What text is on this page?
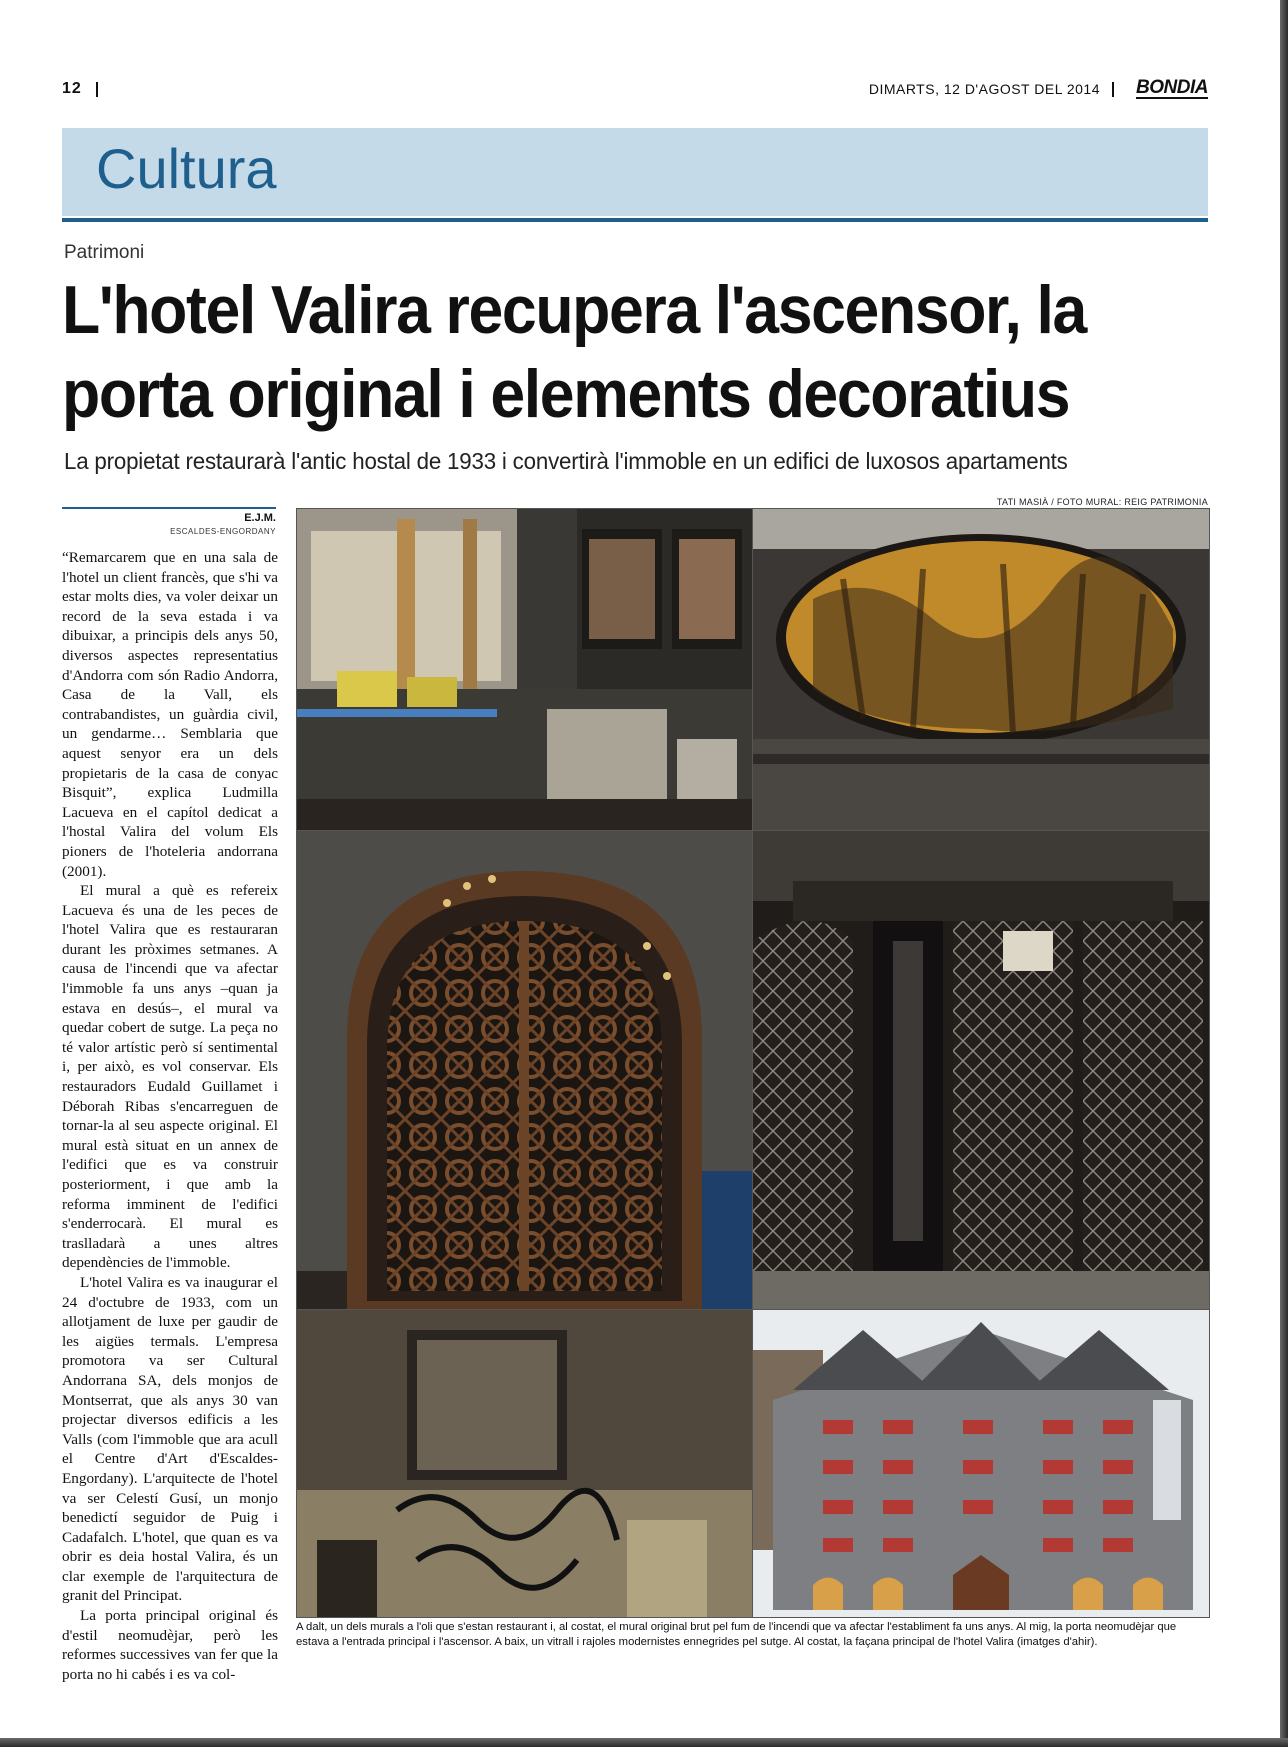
12	DIMARTS, 12 D'AGOST DEL 2014 BONDIA
Cultura
Patrimoni
L'hotel Valira recupera l'ascensor, la porta original i elements decoratius
La propietat restaurarà l'antic hostal de 1933 i convertirà l'immoble en un edifici de luxosos apartaments
E.J.M.
ESCALDES-ENGORDANY

“Remarcarem que en una sala de l'hotel un client francès, que s'hi va estar molts dies, va voler deixar un record de la seva estada i va dibuixar, a principis dels anys 50, diversos aspectes representatius d'Andorra com són Radio Andorra, Casa de la Vall, els contrabandistes, un guàrdia civil, un gendarme… Semblaria que aquest senyor era un dels propietaris de la casa de conyac Bisquit”, explica Ludmilla Lacueva en el capítol dedicat a l'hostal Valira del volum Els pioners de l'hoteleria andorrana (2001).

El mural a què es refereix Lacueva és una de les peces de l'hotel Valira que es restauraran durant les pròximes setmanes. A causa de l'incendi que va afectar l'immoble fa uns anys –quan ja estava en desús–, el mural va quedar cobert de sutge. La peça no té valor artístic però sí sentimental i, per això, es vol conservar. Els restauradors Eudald Guillamet i Déborah Ribas s'encarreguen de tornar-la al seu aspecte original. El mural està situat en un annex de l'edifici que es va construir posteriorment, i que amb la reforma imminent de l'edifici s'enderrocarà. El mural es traslladarà a unes altres dependències de l'immoble.

L'hotel Valira es va inaugurar el 24 d'octubre de 1933, com un allotjament de luxe per gaudir de les aigües termals. L'empresa promotora va ser Cultural Andorrana SA, dels monjos de Montserrat, que als anys 30 van projectar diversos edificis a les Valls (com l'immoble que ara acull el Centre d'Art d'Escaldes-Engordany). L'arquitecte de l'hotel va ser Celestí Gusí, un monjo benedictí seguidor de Puig i Cadafalch. L'hotel, que quan es va obrir es deia hostal Valira, és un clar exemple de l'arquitectura de granit del Principat.

La porta principal original és d'estil neomudèjar, però les reformes successives van fer que la porta no hi cabés i es va col-

TATI MASIÀ / FOTO MURAL: REIG PATRIMONIA
A dalt, un dels murals a l'oli que s'estan restaurant i, al costat, el mural original brut pel fum de l'incendi que va afectar l'establiment fa uns anys. Al mig, la porta neomudèjar que estava a l'entrada principal i l'ascensor. A baix, un vitrall i rajoles modernistes ennegrides pel sutge. Al costat, la façana principal de l'hotel Valira (imatges d'ahir).
